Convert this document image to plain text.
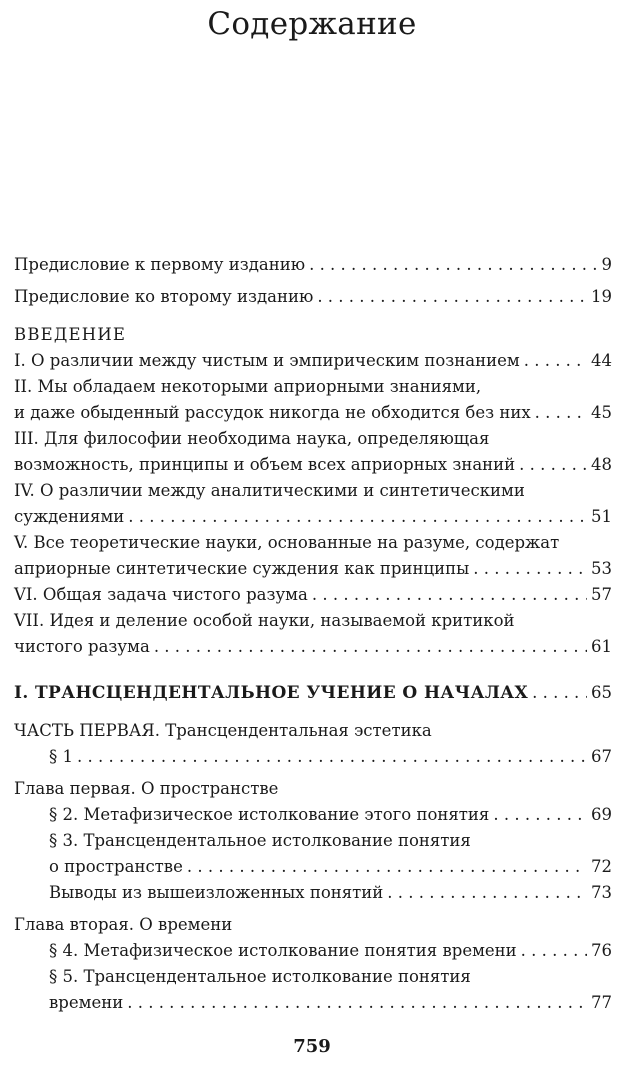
Содержание
Предисловие к первому изданию . . .	9
Предисловие ко второму изданию . . .	19
ВВЕДЕНИЕ
I. О различии между чистым и эмпирическим познанием . . .	44
II. Мы обладаем некоторыми априорными знаниями,
и даже обыденный рассудок никогда не обходится без них . . .	45
III. Для философии необходима наука, определяющая
возможность, принципы и объем всех априорных знаний . . .	48
IV. О различии между аналитическими и синтетическими
суждениями . . .	51
V. Все теоретические науки, основанные на разуме, содержат
априорные синтетические суждения как принципы . . .	53
VI. Общая задача чистого разума . . .	57
VII. Идея и деление особой науки, называемой критикой
чистого разума . . .	61
I. ТРАНСЦЕНДЕНТАЛЬНОЕ УЧЕНИЕ О НАЧАЛАХ . . .	65
ЧАСТЬ ПЕРВАЯ. Трансцендентальная эстетика
§ 1 . . .	67
Глава первая. О пространстве
§ 2. Метафизическое истолкование этого понятия . . .	69
§ 3. Трансцендентальное истолкование понятия
о пространстве . . .	72
Выводы из вышеизложенных понятий . . .	73
Глава вторая. О времени
§ 4. Метафизическое истолкование понятия времени . . .	76
§ 5. Трансцендентальное истолкование понятия
времени . . .	77
759
